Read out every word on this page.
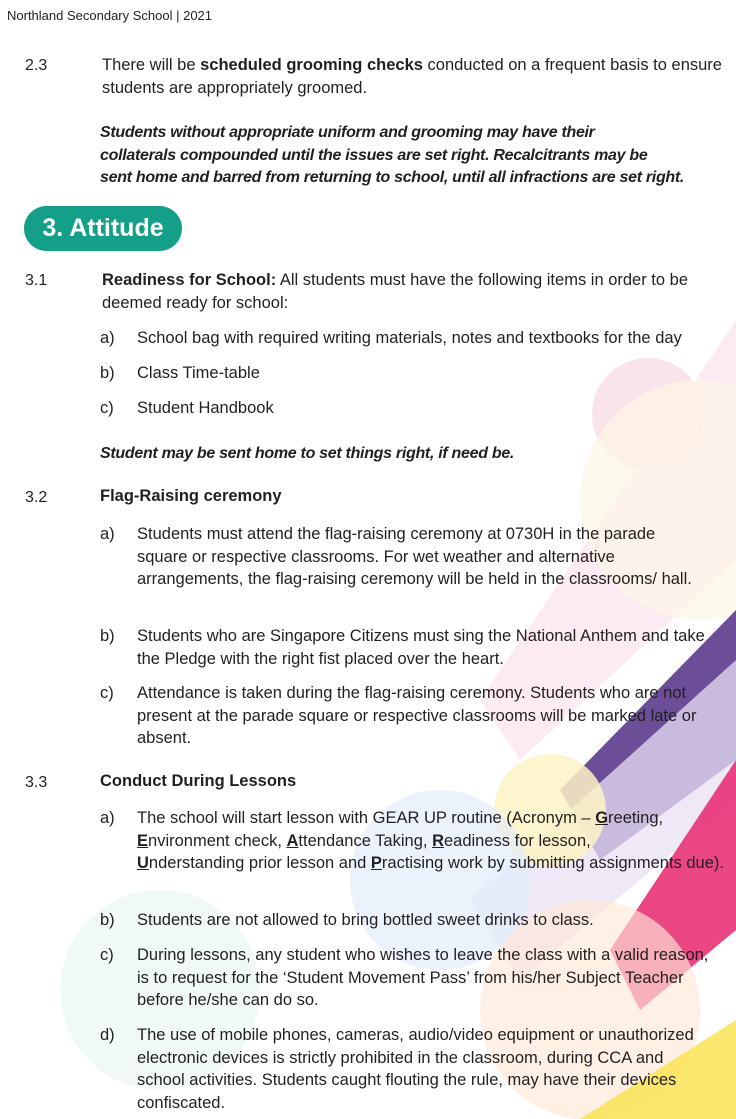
Northland Secondary School | 2021
2.3	There will be scheduled grooming checks conducted on a frequent basis to ensure students are appropriately groomed.

Students without appropriate uniform and grooming may have their

collaterals compounded until the issues are set right. Recalcitrants may be

sent home and barred from returning to school, until all infractions are set right.

3. Attitude
3.1	Readiness for School: All students must have the following items in order to be deemed ready for school:

a) School bag with required writing materials, notes and textbooks for the day

b) Class Time-table

c) Student Handbook

Student may be sent home to set things right, if need be.

3.2	Flag-Raising ceremony

a) Students must attend the flag-raising ceremony at 0730H in the parade square or respective classrooms. For wet weather and alternative arrangements, the flag-raising ceremony will be held in the classrooms/ hall.

b) Students who are Singapore Citizens must sing the National Anthem and take the Pledge with the right fist placed over the heart.

c) Attendance is taken during the flag-raising ceremony. Students who are not present at the parade square or respective classrooms will be marked late or absent.

3.3	Conduct During Lessons

a) The school will start lesson with GEAR UP routine (Acronym – Greeting,
Environment check, Attendance Taking, Readiness for lesson,
Understanding prior lesson and Practising work by submitting assignments due).

b) Students are not allowed to bring bottled sweet drinks to class.

c) During lessons, any student who wishes to leave the class with a valid reason, is to request for the ‘Student Movement Pass’ from his/her Subject Teacher before he/she can do so.

d) The use of mobile phones, cameras, audio/video equipment or unauthorized electronic devices is strictly prohibited in the classroom, during CCA and school activities. Students caught flouting the rule, may have their devices confiscated.
